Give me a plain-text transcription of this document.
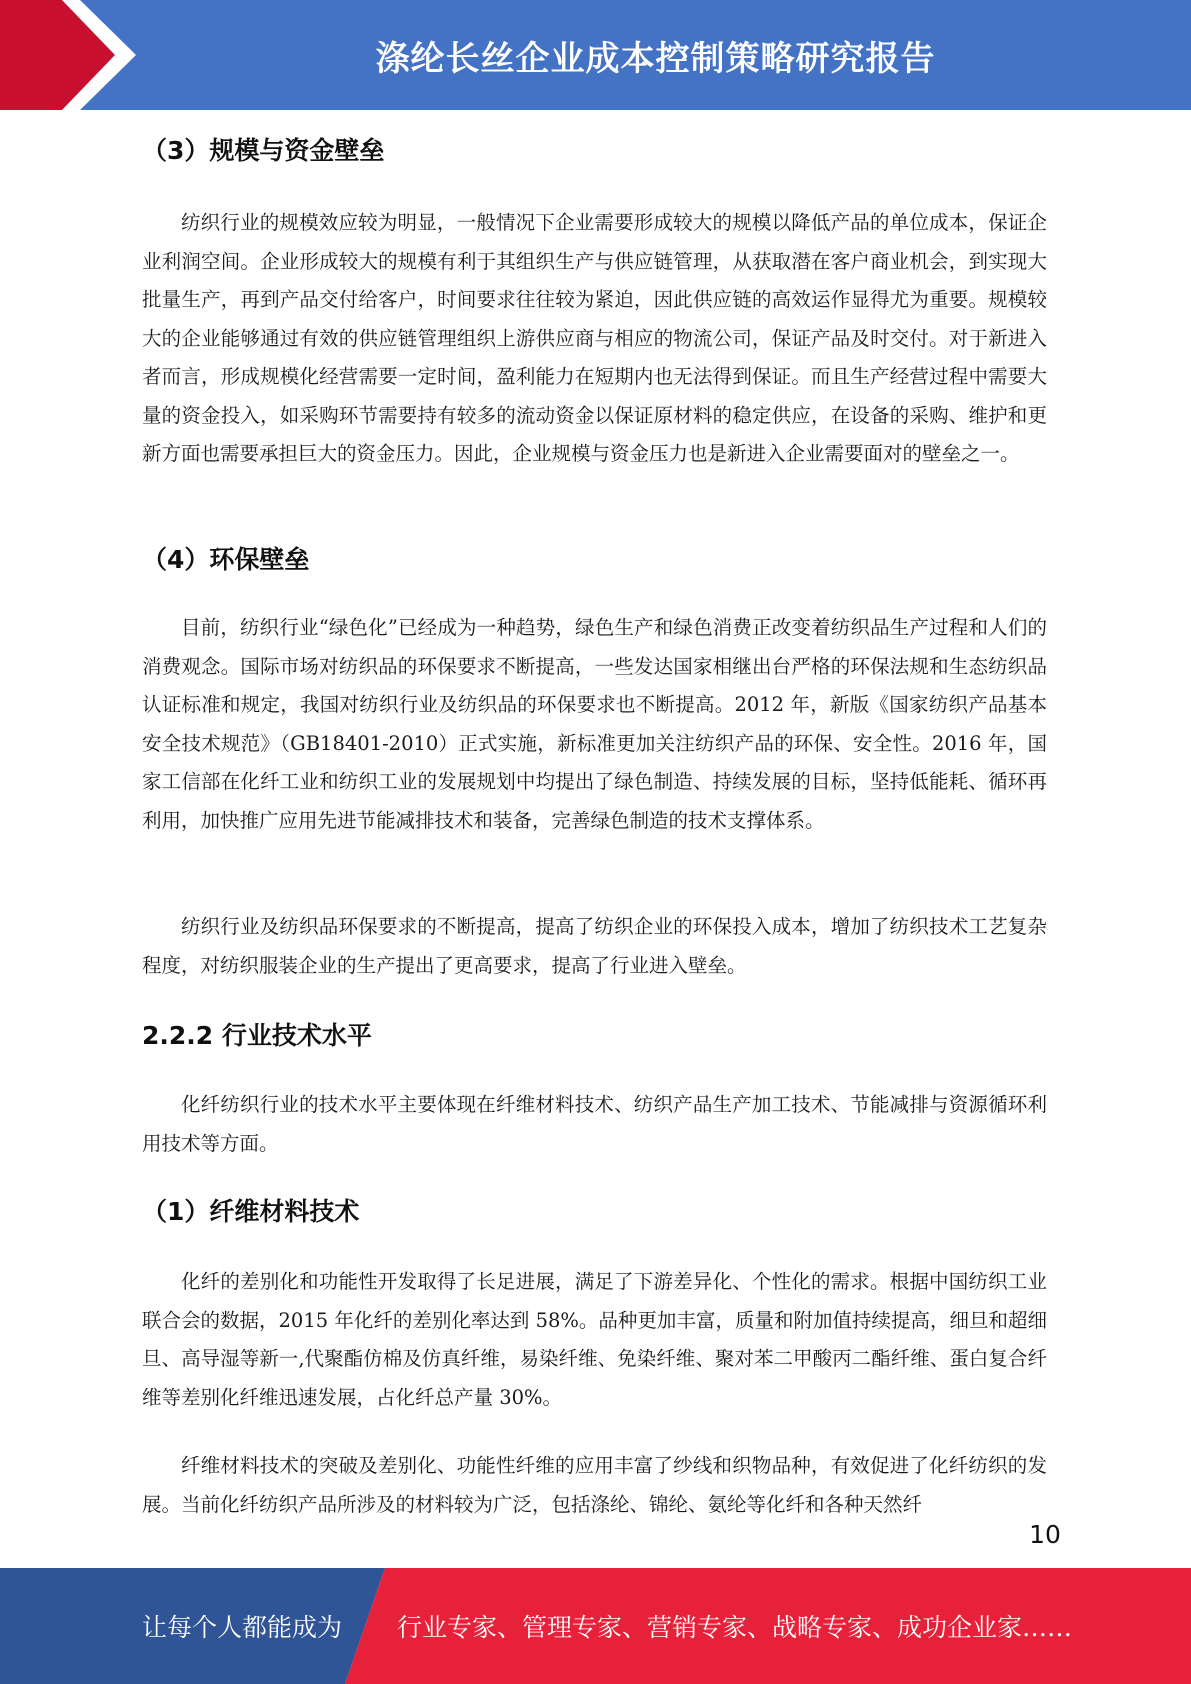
涤纶长丝企业成本控制策略研究报告
（3）规模与资金壁垒

纺织行业的规模效应较为明显，一般情况下企业需要形成较大的规模以降低产品的单位成本，保证企业利润空间。企业形成较大的规模有利于其组织生产与供应链管理，从获取潜在客户商业机会，到实现大批量生产，再到产品交付给客户，时间要求往往较为紧迫，因此供应链的高效运作显得尤为重要。规模较大的企业能够通过有效的供应链管理组织上游供应商与相应的物流公司，保证产品及时交付。对于新进入者而言，形成规模化经营需要一定时间，盈利能力在短期内也无法得到保证。而且生产经营过程中需要大量的资金投入，如采购环节需要持有较多的流动资金以保证原材料的稳定供应，在设备的采购、维护和更新方面也需要承担巨大的资金压力。因此，企业规模与资金压力也是新进入企业需要面对的壁垒之一。

（4）环保壁垒

目前，纺织行业“绿色化”已经成为一种趋势，绿色生产和绿色消费正改变着纺织品生产过程和人们的消费观念。国际市场对纺织品的环保要求不断提高，一些发达国家相继出台严格的环保法规和生态纺织品认证标准和规定，我国对纺织行业及纺织品的环保要求也不断提高。2012 年，新版《国家纺织产品基本安全技术规范》（GB18401-2010）正式实施，新标准更加关注纺织产品的环保、安全性。2016 年，国家工信部在化纤工业和纺织工业的发展规划中均提出了绿色制造、持续发展的目标，坚持低能耗、循环再利用，加快推广应用先进节能减排技术和装备，完善绿色制造的技术支撑体系。

纺织行业及纺织品环保要求的不断提高，提高了纺织企业的环保投入成本，增加了纺织技术工艺复杂程度，对纺织服装企业的生产提出了更高要求，提高了行业进入壁垒。

2.2.2 行业技术水平

化纤纺织行业的技术水平主要体现在纤维材料技术、纺织产品生产加工技术、节能减排与资源循环利用技术等方面。

（1）纤维材料技术

化纤的差别化和功能性开发取得了长足进展，满足了下游差异化、个性化的需求。根据中国纺织工业联合会的数据，2015 年化纤的差别化率达到 58%。品种更加丰富，质量和附加值持续提高，细旦和超细旦、高导湿等新一,代聚酯仿棉及仿真纤维，易染纤维、免染纤维、聚对苯二甲酸丙二酯纤维、蛋白复合纤维等差别化纤维迅速发展，占化纤总产量 30%。

纤维材料技术的突破及差别化、功能性纤维的应用丰富了纱线和织物品种，有效促进了化纤纺织的发展。当前化纤纺织产品所涉及的材料较为广泛，包括涤纶、锦纶、氨纶等化纤和各种天然纤

10
让每个人都能成为 行业专家、管理专家、营销专家、战略专家、成功企业家……
